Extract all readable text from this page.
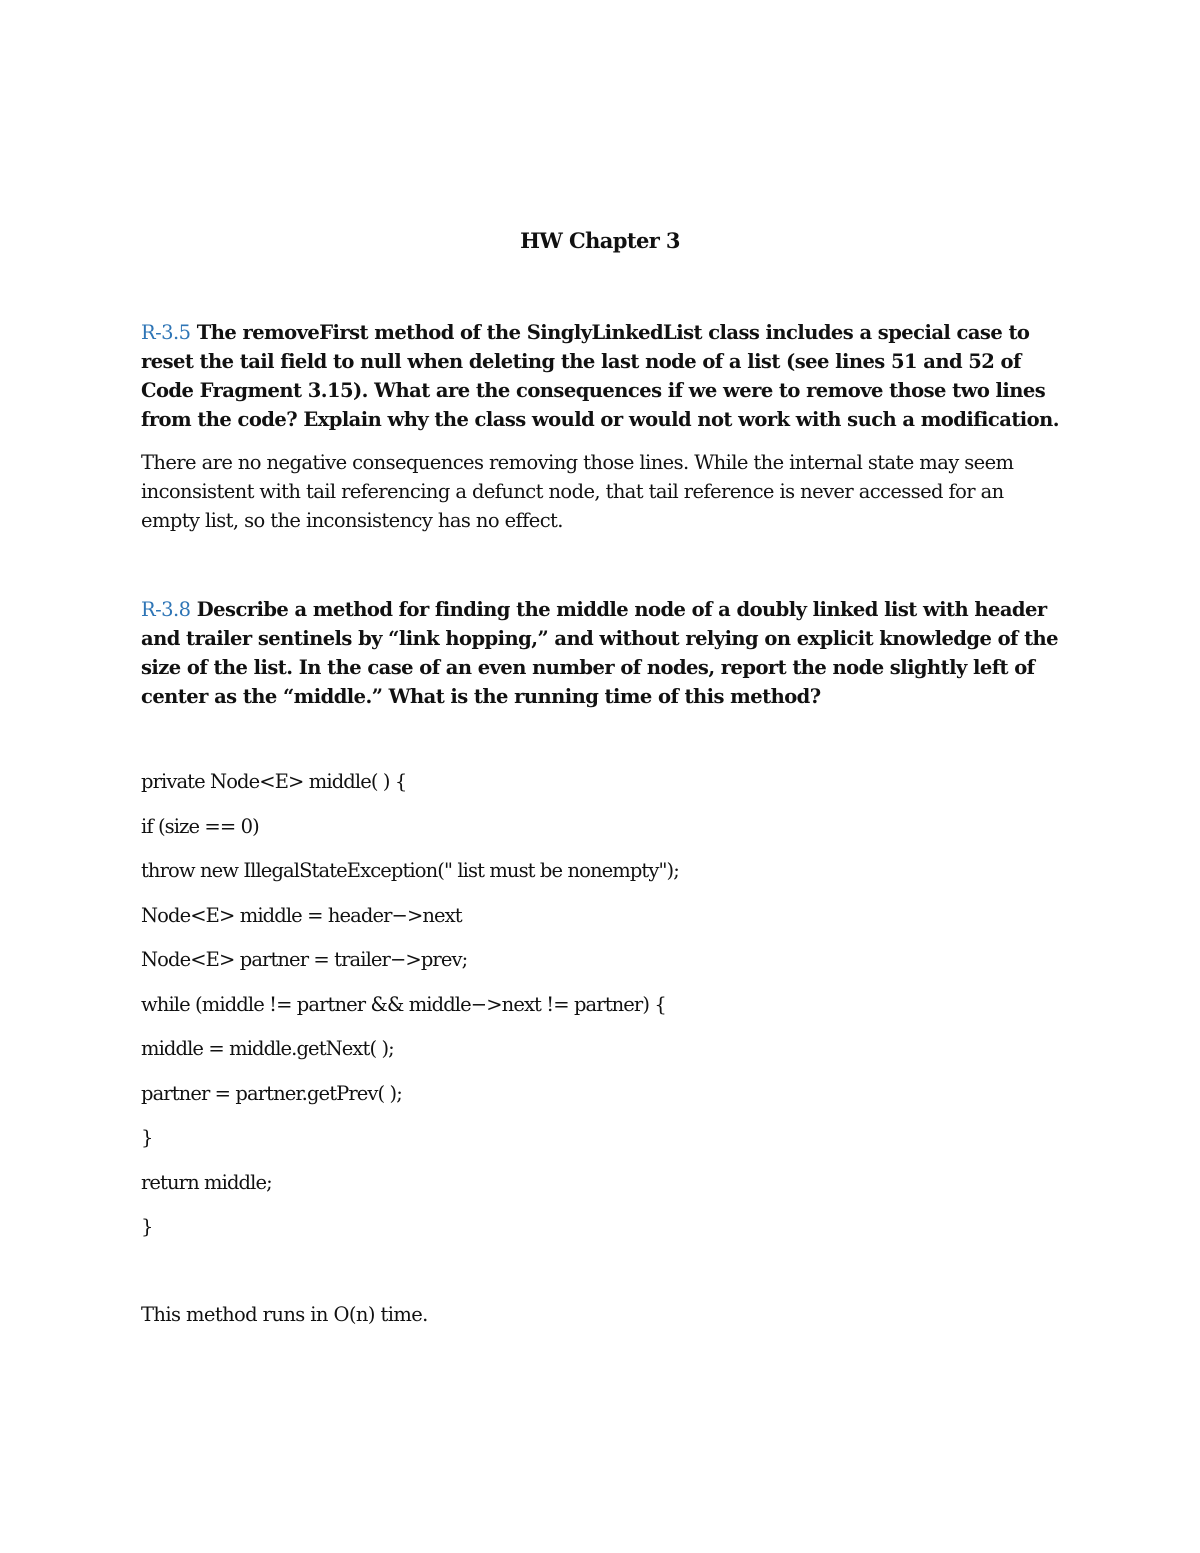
HW Chapter 3
R-3.5 The removeFirst method of the SinglyLinkedList class includes a special case to reset the tail field to null when deleting the last node of a list (see lines 51 and 52 of Code Fragment 3.15). What are the consequences if we were to remove those two lines from the code? Explain why the class would or would not work with such a modification.
There are no negative consequences removing those lines. While the internal state may seem inconsistent with tail referencing a defunct node, that tail reference is never accessed for an empty list, so the inconsistency has no effect.
R-3.8 Describe a method for finding the middle node of a doubly linked list with header and trailer sentinels by “link hopping,” and without relying on explicit knowledge of the size of the list. In the case of an even number of nodes, report the node slightly left of center as the “middle.” What is the running time of this method?
private Node<E> middle( ) {
if (size == 0)
throw new IllegalStateException(" list must be nonempty");
Node<E> middle = header−>next
Node<E> partner = trailer−>prev;
while (middle != partner && middle−>next != partner) {
middle = middle.getNext( );
partner = partner.getPrev( );
}
return middle;
}
This method runs in O(n) time.
